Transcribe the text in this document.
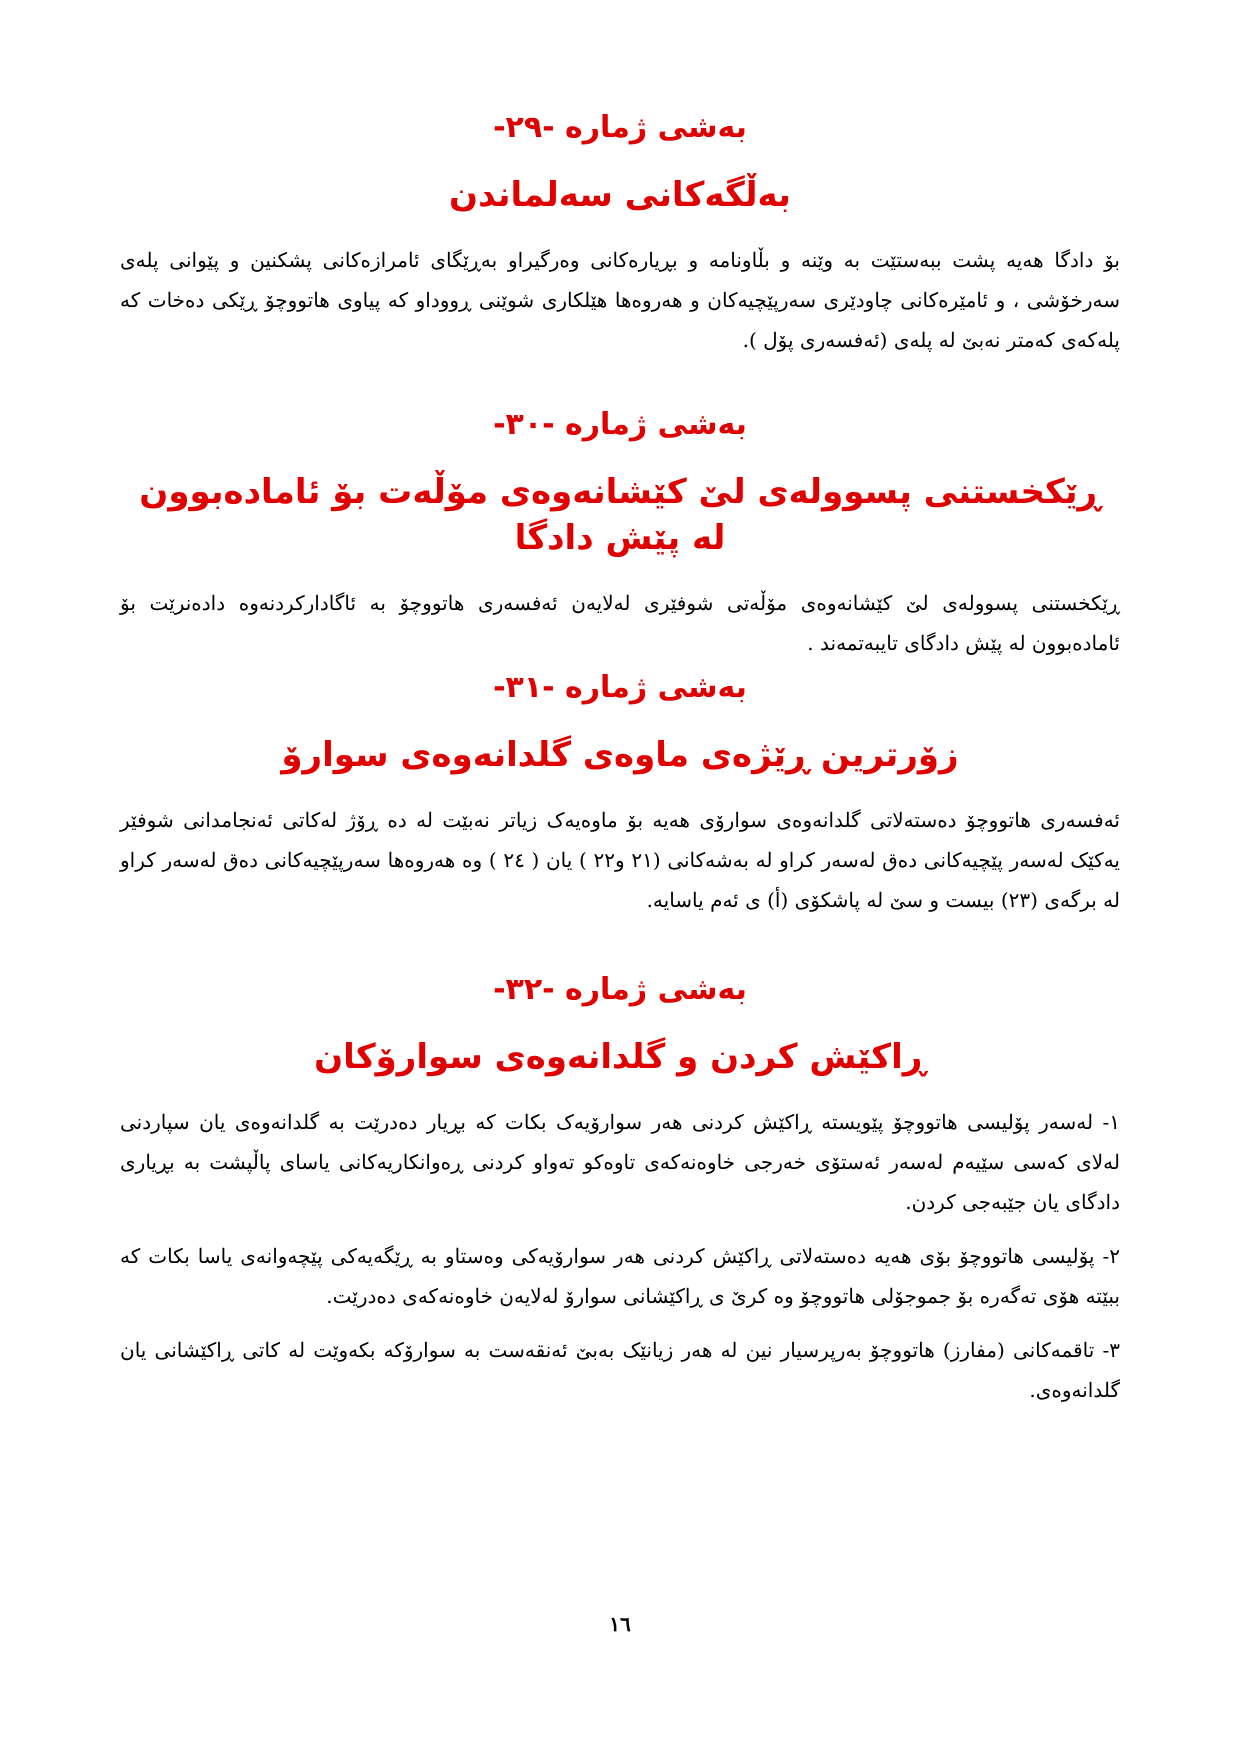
بەشی ژمارە -٢٩-
بەڵگەکانی سەلماندن

بۆ دادگا هەیە پشت ببەستێت بە وێنە و بڵاونامە و بڕیارەکانی وەرگیراو بەڕێگای ئامرازەکانی پشکنین و پێوانی پلەی سەرخۆشی ، و ئامێرەکانی چاودێری سەرپێچیەکان و هەروەها هێلکاری شوێنی ڕووداو کە پیاوی هاتووچۆ ڕێکی دەخات کە پلەکەی کەمتر نەبێ لە پلەی (ئەفسەری پۆل ).

بەشی ژمارە -٣٠-
ڕێکخستنی پسوولەی لێ کێشانەوەی مۆڵەت بۆ ئامادەبوون لە پێش دادگا

ڕێکخستنی پسوولەی لێ کێشانەوەی مۆڵەتی شوفێری لەلایەن ئەفسەری هاتووچۆ بە ئاگادارکردنەوە دادەنرێت بۆ ئامادەبوون لە پێش دادگای تایبەتمەند .

بەشی ژمارە -٣١-
زۆرترین ڕێژەی ماوەی گلدانەوەی سوارۆ

ئەفسەری هاتووچۆ دەستەلاتی گلدانەوەی سوارۆی هەیە بۆ ماوەیەک زیاتر نەبێت لە دە ڕۆژ لەکاتی ئەنجامدانی شوفێر یەکێک لەسەر پێچیەکانی دەق لەسەر کراو لە بەشەکانی (٢١ و٢٢ ) یان ( ٢٤ ) وە هەروەها سەرپێچیەکانی دەق لەسەر کراو لە برگەی (٢٣) بیست و سێ لە پاشکۆی (أ) ی ئەم یاسایە.

بەشی ژمارە -٣٢-
ڕاکێش کردن و گلدانەوەی سوارۆکان

١- لەسەر پۆلیسی هاتووچۆ پێویستە ڕاکێش کردنی هەر سوارۆیەک بکات کە بڕیار دەدرێت بە گلدانەوەی یان سپاردنی لەلای کەسی سێیەم لەسەر ئەستۆی خەرجی خاوەنەکەی تاوەکو تەواو کردنی ڕەوانکاریەکانی یاسای پاڵپشت بە بڕیاری دادگای یان جێبەجی کردن.

٢- پۆلیسی هاتووچۆ بۆی هەیە دەستەلاتی ڕاکێش کردنی هەر سوارۆیەکی وەستاو بە ڕێگەیەکی پێچەوانەی یاسا بکات کە ببێتە هۆی تەگەرە بۆ جموجۆلی هاتووچۆ وە کرێ ی ڕاکێشانی سوارۆ لەلایەن خاوەنەکەی دەدرێت.

٣- تاقمەکانی (مفارز) هاتووچۆ بەرپرسیار نین لە هەر زیانێک بەبێ ئەنقەست بە سوارۆکە بکەوێت لە کاتی ڕاکێشانی یان گلدانەوەی.

١٦
